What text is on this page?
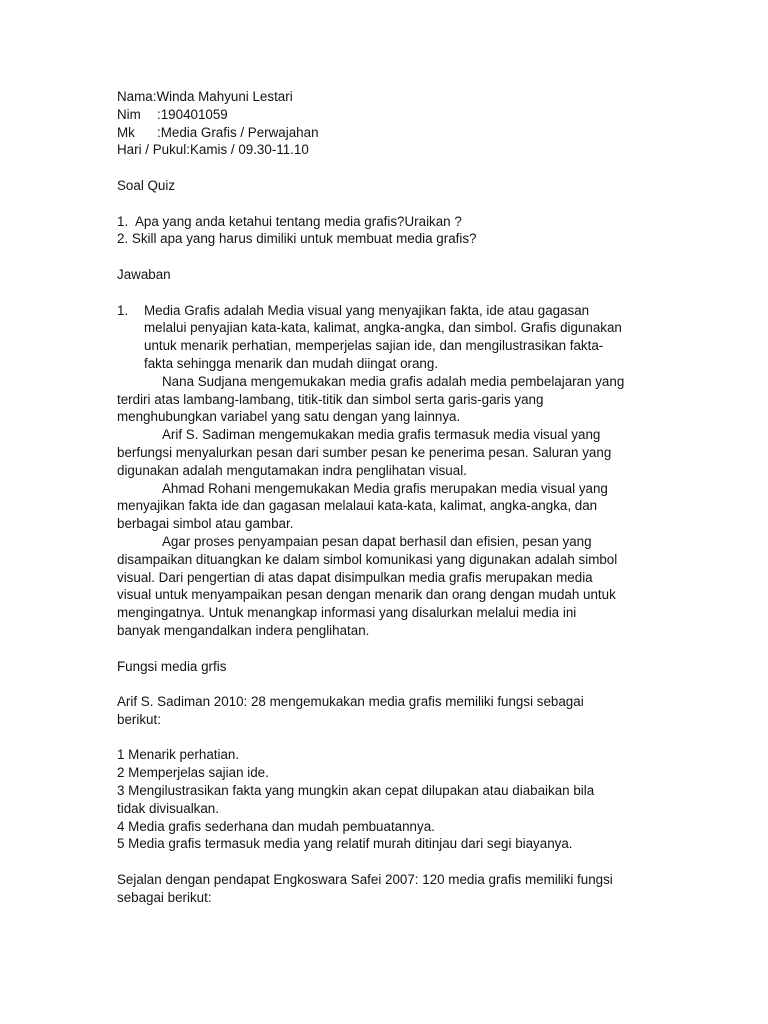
Nama : Winda Mahyuni Lestari
Nim	: 190401059
Mk	: Media Grafis / Perwajahan
Hari / Pukul : Kamis / 09.30-11.10
Soal Quiz
1. Apa yang anda ketahui tentang media grafis?Uraikan ?
2. Skill apa yang harus dimiliki untuk membuat media grafis?
Jawaban
1.	Media Grafis adalah Media visual yang menyajikan fakta, ide atau gagasan
melalui penyajian kata-kata, kalimat, angka-angka, dan simbol. Grafis digunakan
untuk menarik perhatian, memperjelas sajian ide, dan mengilustrasikan fakta-
fakta sehingga menarik dan mudah diingat orang.
Nana Sudjana mengemukakan media grafis adalah media pembelajaran yang
terdiri atas lambang-lambang, titik-titik dan simbol serta garis-garis yang
menghubungkan variabel yang satu dengan yang lainnya.
Arif S. Sadiman mengemukakan media grafis termasuk media visual yang
berfungsi menyalurkan pesan dari sumber pesan ke penerima pesan. Saluran yang
digunakan adalah mengutamakan indra penglihatan visual.
Ahmad Rohani mengemukakan Media grafis merupakan media visual yang
menyajikan fakta ide dan gagasan melalaui kata-kata, kalimat, angka-angka, dan
berbagai simbol atau gambar.
Agar proses penyampaian pesan dapat berhasil dan efisien, pesan yang
disampaikan dituangkan ke dalam simbol komunikasi yang digunakan adalah simbol
visual. Dari pengertian di atas dapat disimpulkan media grafis merupakan media
visual untuk menyampaikan pesan dengan menarik dan orang dengan mudah untuk
mengingatnya. Untuk menangkap informasi yang disalurkan melalui media ini
banyak mengandalkan indera penglihatan.
Fungsi media grfis
Arif S. Sadiman 2010: 28 mengemukakan media grafis memiliki fungsi sebagai
berikut:
1 Menarik perhatian.
2 Memperjelas sajian ide.
3 Mengilustrasikan fakta yang mungkin akan cepat dilupakan atau diabaikan bila
tidak divisualkan.
4 Media grafis sederhana dan mudah pembuatannya.
5 Media grafis termasuk media yang relatif murah ditinjau dari segi biayanya.
Sejalan dengan pendapat Engkoswara Safei 2007: 120 media grafis memiliki fungsi
sebagai berikut:
